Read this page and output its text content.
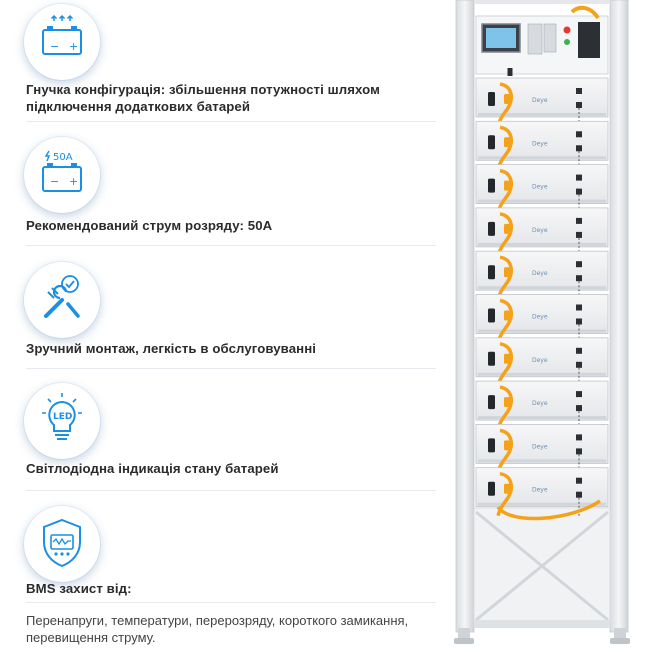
− +
Гнучка конфігурація: збільшення потужності шляхом
підключення додаткових батарей
− +
50A
Рекомендований струм розряду: 50A
Зручний монтаж, легкість в обслуговуванні
LED
Світлодіодна індикація стану батарей
BMS захист від:
Перенапруги, температури, перерозряду, короткого замикання, перевищення струму.
Deye
Deye
Deye
Deye
Deye
Deye
Deye
Deye
Deye
Deye
